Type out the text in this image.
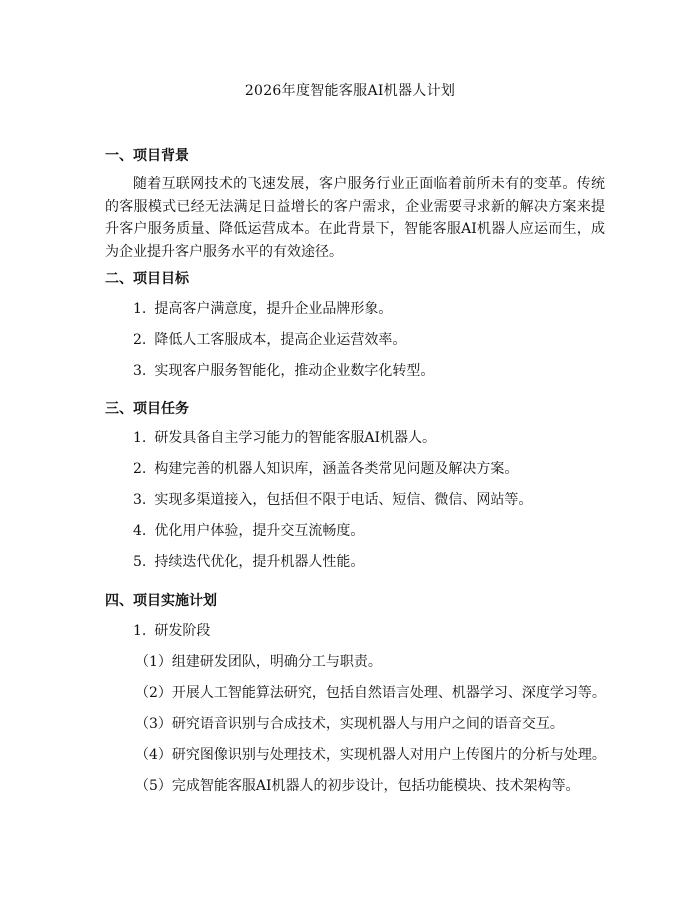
2026年度智能客服AI机器人计划
一、项目背景
随着互联网技术的飞速发展，客户服务行业正面临着前所未有的变革。传统的客服模式已经无法满足日益增长的客户需求，企业需要寻求新的解决方案来提升客户服务质量、降低运营成本。在此背景下，智能客服AI机器人应运而生，成为企业提升客户服务水平的有效途径。
二、项目目标
1. 提高客户满意度，提升企业品牌形象。
2. 降低人工客服成本，提高企业运营效率。
3. 实现客户服务智能化，推动企业数字化转型。
三、项目任务
1. 研发具备自主学习能力的智能客服AI机器人。
2. 构建完善的机器人知识库，涵盖各类常见问题及解决方案。
3. 实现多渠道接入，包括但不限于电话、短信、微信、网站等。
4. 优化用户体验，提升交互流畅度。
5. 持续迭代优化，提升机器人性能。
四、项目实施计划
1. 研发阶段
（1）组建研发团队，明确分工与职责。
（2）开展人工智能算法研究，包括自然语言处理、机器学习、深度学习等。
（3）研究语音识别与合成技术，实现机器人与用户之间的语音交互。
（4）研究图像识别与处理技术，实现机器人对用户上传图片的分析与处理。
（5）完成智能客服AI机器人的初步设计，包括功能模块、技术架构等。
